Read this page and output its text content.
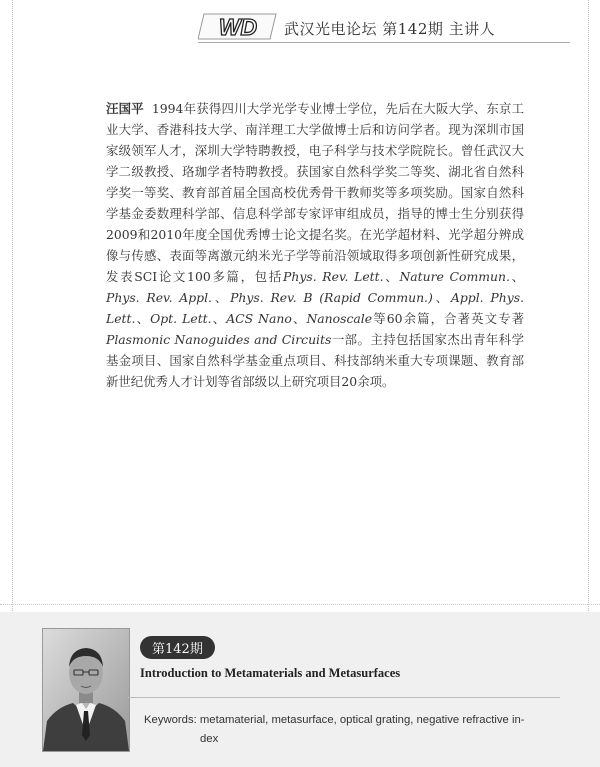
WD 武汉光电论坛 第142期 主讲人

汪国平 1994年获得四川大学光学专业博士学位，先后在大阪大学、东京工业大学、香港科技大学、南洋理工大学做博士后和访问学者。现为深圳市国家级领军人才，深圳大学特聘教授，电子科学与技术学院院长。曾任武汉大学二级教授、珞珈学者特聘教授。获国家自然科学奖二等奖、湖北省自然科学奖一等奖、教育部首届全国高校优秀骨干教师奖等多项奖励。国家自然科学基金委数理科学部、信息科学部专家评审组成员，指导的博士生分别获得2009和2010年度全国优秀博士论文提名奖。在光学超材料、光学超分辨成像与传感、表面等离激元纳米光子学等前沿领域取得多项创新性研究成果，发表SCI论文100多篇，包括Phys. Rev. Lett.、Nature Commun.、Phys. Rev. Appl.、Phys. Rev. B (Rapid Commun.)、Appl. Phys. Lett.、Opt. Lett.、ACS Nano、Nanoscale等60余篇，合著英文专著Plasmonic Nanoguides and Circuits一部。主持包括国家杰出青年科学基金项目、国家自然科学基金重点项目、科技部纳米重大专项课题、教育部新世纪优秀人才计划等省部级以上研究项目20余项。

第142期
Introduction to Metamaterials and Metasurfaces
Keywords: metamaterial, metasurface, optical grating, negative refractive in-
dex
